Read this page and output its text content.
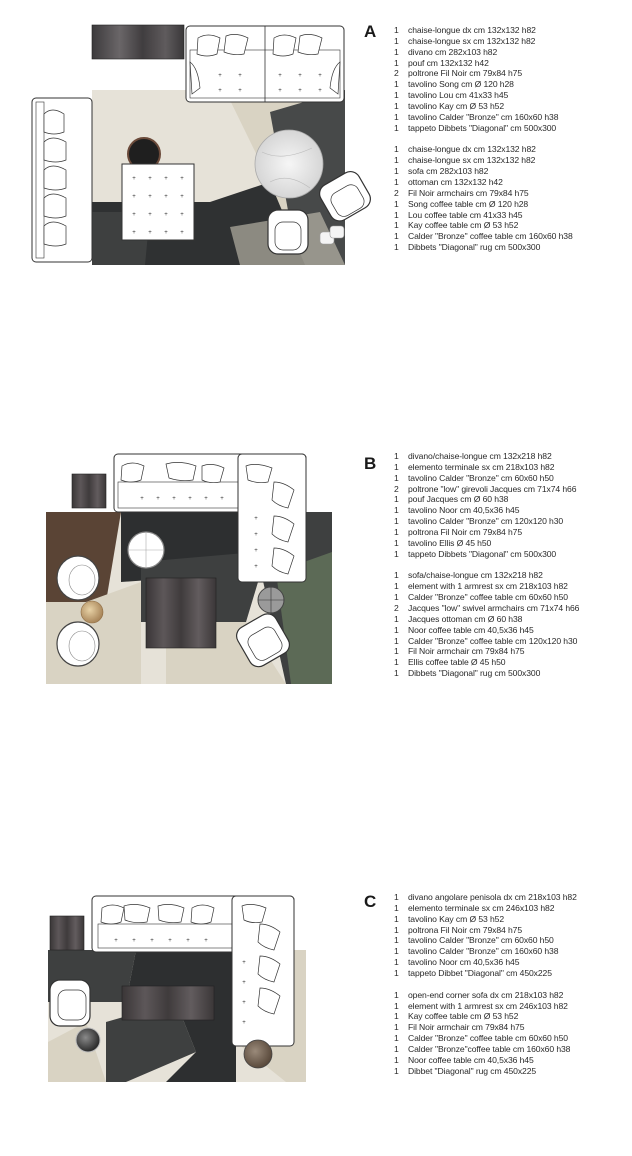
+	+
+	+
+	+	+
+	+	+
+ + + +
+ + + +
+ + + +
+ + + +
A 1	chaise-longue dx cm 132x132 h82
1	chaise-longue sx cm 132x132 h82
1	divano cm 282x103 h82
1	pouf cm 132x132 h42
2	poltrone Fil Noir cm 79x84 h75
1	tavolino Song cm Ø 120 h28
1	tavolino Lou cm 41x33 h45
1	tavolino Kay cm Ø 53 h52
1	tavolino Calder "Bronze" cm 160x60 h38
1	tappeto Dibbets "Diagonal" cm 500x300
1	chaise-longue dx cm 132x132 h82
1	chaise-longue sx cm 132x132 h82
1	sofa cm 282x103 h82
1	ottoman cm 132x132 h42
2	Fil Noir armchairs cm 79x84 h75
1	Song coffee table cm Ø 120 h28
1	Lou coffee table cm 41x33 h45
1	Kay coffee table cm Ø 53 h52
1	Calder "Bronze" coffee table cm 160x60 h38
1	Dibbets "Diagonal" rug cm 500x300
+ + + + + +
+
+
+
+
B 1	divano/chaise-longue cm 132x218 h82
1	elemento terminale sx cm 218x103 h82
1	tavolino Calder "Bronze" cm 60x60 h50
2	poltrone "low" girevoli Jacques cm 71x74 h66
1	pouf Jacques cm Ø 60 h38
1	tavolino Noor cm 40,5x36 h45
1	tavolino Calder "Bronze" cm 120x120 h30
1	poltrona Fil Noir cm 79x84 h75
1	tavolino Ellis Ø 45 h50
1	tappeto Dibbets "Diagonal" cm 500x300
1	sofa/chaise-longue cm 132x218 h82
1	element with 1 armrest sx cm 218x103 h82
1	Calder "Bronze" coffee table cm 60x60 h50
2	Jacques "low" swivel armchairs cm 71x74 h66
1	Jacques ottoman cm Ø 60 h38
1	Noor coffee table cm 40,5x36 h45
1	Calder "Bronze" coffee table cm 120x120 h30
1	Fil Noir armchair cm 79x84 h75
1	Ellis coffee table Ø 45 h50
1	Dibbets "Diagonal" rug cm 500x300
+ + + + + +
+
+
+
+
C 1	divano angolare penisola dx cm 218x103 h82
1	elemento terminale sx cm 246x103 h82
1	tavolino Kay cm Ø 53 h52
1	poltrona Fil Noir cm 79x84 h75
1	tavolino Calder "Bronze" cm 60x60 h50
1	tavolino Calder "Bronze" cm 160x60 h38
1	tavolino Noor cm 40,5x36 h45
1	tappeto Dibbet "Diagonal" cm 450x225
1	open-end corner sofa dx cm 218x103 h82
1	element with 1 armrest sx cm 246x103 h82
1	Kay coffee table cm Ø 53 h52
1	Fil Noir armchair cm 79x84 h75
1	Calder "Bronze" coffee table cm 60x60 h50
1	Calder "Bronze"coffee table cm 160x60 h38
1	Noor coffee table cm 40,5x36 h45
1	Dibbet "Diagonal" rug cm 450x225
